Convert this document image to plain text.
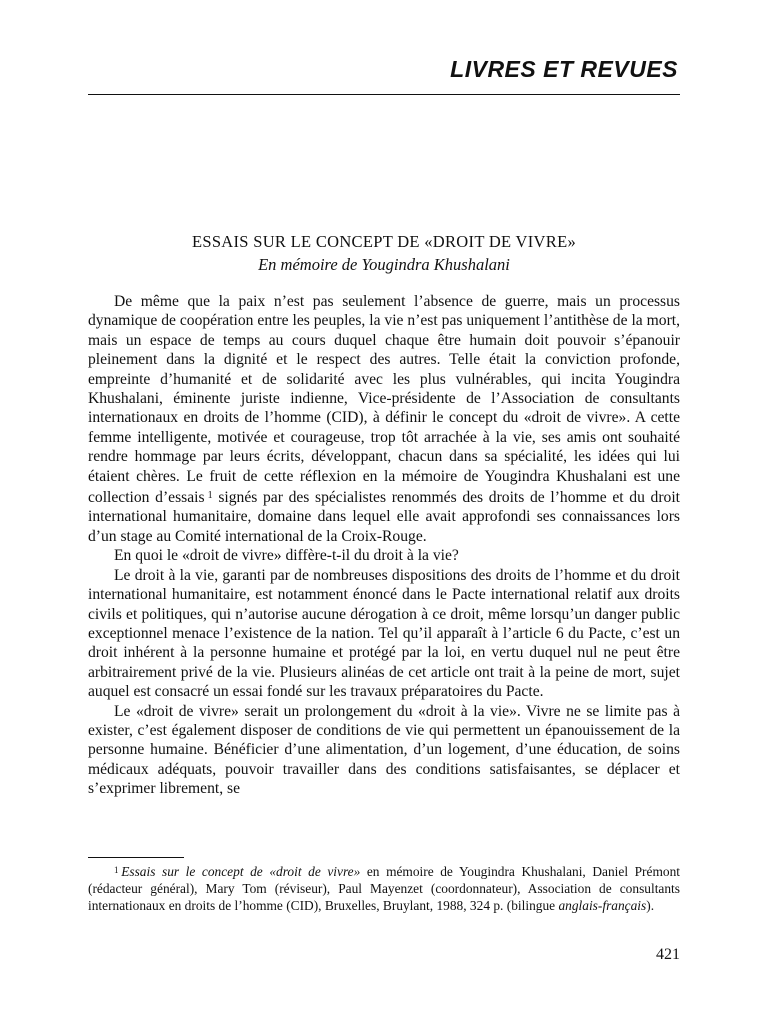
LIVRES ET REVUES
ESSAIS SUR LE CONCEPT DE «DROIT DE VIVRE»
En mémoire de Yougindra Khushalani

De même que la paix n’est pas seulement l’absence de guerre, mais un processus dynamique de coopération entre les peuples, la vie n’est pas uniquement l’antithèse de la mort, mais un espace de temps au cours duquel chaque être humain doit pouvoir s’épanouir pleinement dans la dignité et le respect des autres. Telle était la conviction profonde, empreinte d’humanité et de solidarité avec les plus vulnérables, qui incita Yougindra Khushalani, éminente juriste indienne, Vice-présidente de l’Association de consultants internationaux en droits de l’homme (CID), à définir le concept du «droit de vivre». A cette femme intelligente, motivée et courageuse, trop tôt arrachée à la vie, ses amis ont souhaité rendre hommage par leurs écrits, développant, chacun dans sa spécialité, les idées qui lui étaient chères. Le fruit de cette réflexion en la mémoire de Yougindra Khushalani est une collection d’essais  $^1$ signés par des spécialistes renommés des droits de l’homme et du droit international humanitaire, domaine dans lequel elle avait approfondi ses connaissances lors d’un stage au Comité international de la Croix-Rouge.

En quoi le «droit de vivre» diffère-t-il du droit à la vie?

Le droit à la vie, garanti par de nombreuses dispositions des droits de l’homme et du droit international humanitaire, est notamment énoncé dans le Pacte international relatif aux droits civils et politiques, qui n’autorise aucune dérogation à ce droit, même lorsqu’un danger public exceptionnel menace l’existence de la nation. Tel qu’il apparaît à l’article 6 du Pacte, c’est un droit inhérent à la personne humaine et protégé par la loi, en vertu duquel nul ne peut être arbitrairement privé de la vie. Plusieurs alinéas de cet article ont trait à la peine de mort, sujet auquel est consacré un essai fondé sur les travaux préparatoires du Pacte.

Le «droit de vivre» serait un prolongement du «droit à la vie». Vivre ne se limite pas à exister, c’est également disposer de conditions de vie qui permettent un épanouissement de la personne humaine. Bénéficier d’une alimentation, d’un logement, d’une éducation, de soins médicaux adéquats, pouvoir travailler dans des conditions satisfaisantes, se déplacer et s’exprimer librement, se

$^1$  Essais sur le concept de «droit de vivre» en mémoire de Yougindra Khushalani, Daniel Prémont (rédacteur général), Mary Tom (réviseur), Paul Mayenzet (coordonnateur), Association de consultants internationaux en droits de l’homme (CID), Bruxelles, Bruylant, 1988, 324 p. (bilingue anglais-français).

421
